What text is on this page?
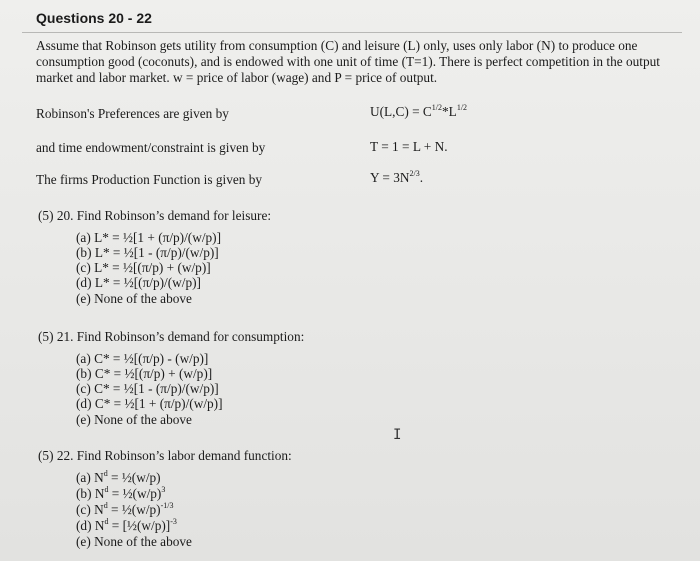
Questions 20 - 22
Assume that Robinson gets utility from consumption (C) and leisure (L) only, uses only labor (N) to produce one consumption good (coconuts), and is endowed with one unit of time (T=1). There is perfect competition in the output market and labor market. w = price of labor (wage) and P = price of output.
Robinson's Preferences are given by	$U(L,C) = C^{1/2}*L^{1/2}$
and time endowment/constraint is given by	T = 1 = L + N.
The firms Production Function is given by	$Y = 3N^{2/3}$.
(5) 20. Find Robinson’s demand for leisure:
(a) L* = ½[1 + (π/p)/(w/p)]
(b) L* = ½[1 - (π/p)/(w/p)]
(c) L* = ½[(π/p) + (w/p)]
(d) L* = ½[(π/p)/(w/p)]
(e) None of the above
(5) 21. Find Robinson’s demand for consumption:
(a) C* = ½[(π/p) - (w/p)]
(b) C* = ½[(π/p) + (w/p)]
(c) C* = ½[1 - (π/p)/(w/p)]
(d) C* = ½[1 + (π/p)/(w/p)]
(e) None of the above
(5) 22. Find Robinson’s labor demand function:
(a) $N^d$ = ½(w/p)
(b) $N^d$ = $\frac{1}{2}(w/p)^3$
(c) $N^d$ = $\frac{1}{2}(w/p)^{-1/3}$
(d) $N^d$ = [½(w/p)]$^{-3}$
(e) None of the above
I
